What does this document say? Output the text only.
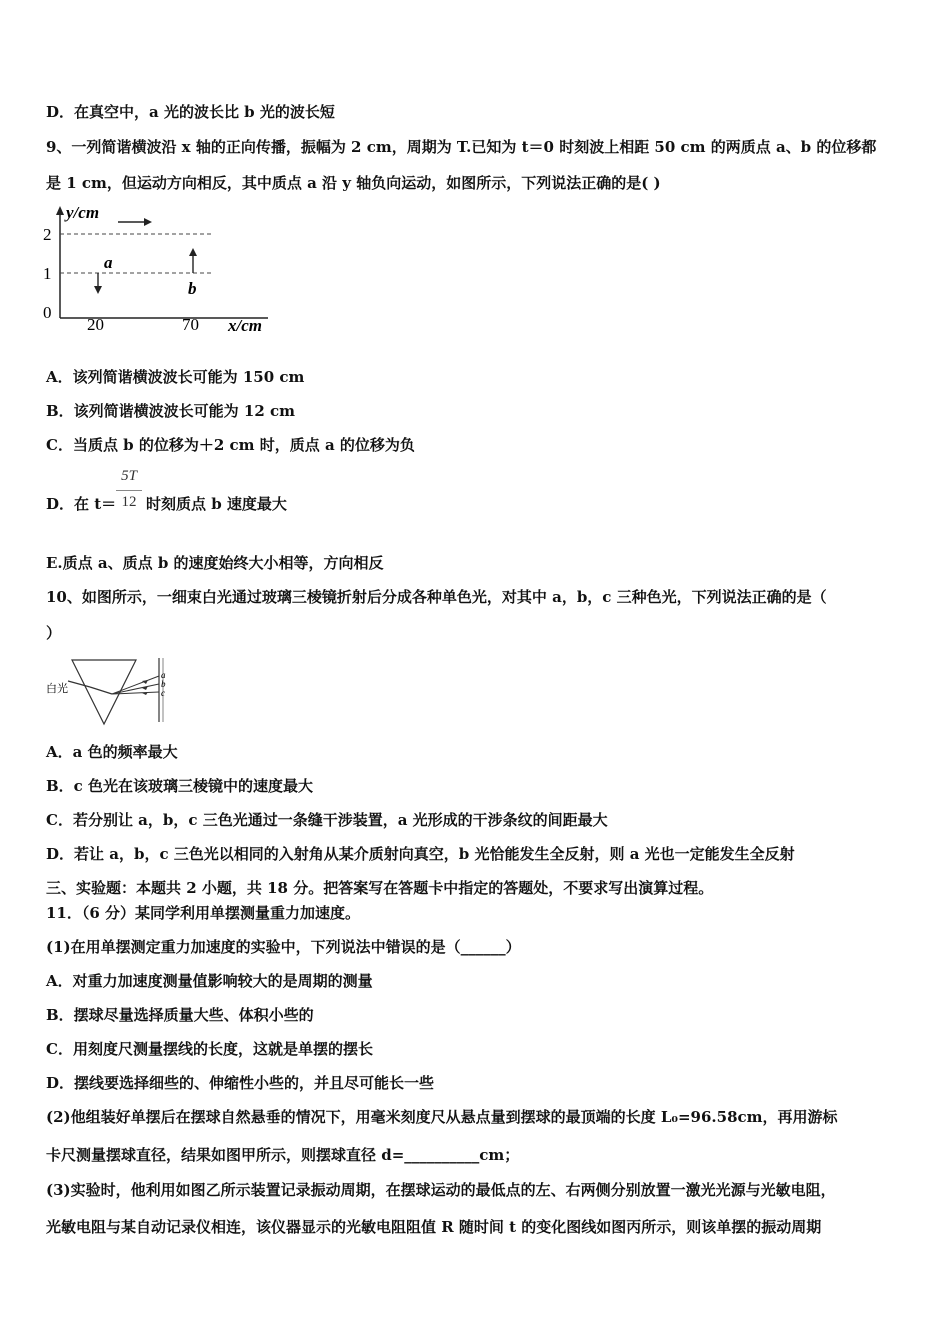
D．在真空中，a 光的波长比 b 光的波长短
9、一列简谐横波沿 x 轴的正向传播，振幅为 2 cm，周期为 T.已知为 t＝0 时刻波上相距 50 cm 的两质点 a、b 的位移都
是 1 cm，但运动方向相反，其中质点 a 沿 y 轴负向运动，如图所示，下列说法正确的是( )
y/cm
2
1
0
a
b
20	70 x/cm
A．该列简谐横波波长可能为 150 cm
B．该列简谐横波波长可能为 12 cm
C．当质点 b 的位移为＋2 cm 时，质点 a 的位移为负
D．在 t＝
5T
12 时刻质点 b 速度最大
E.质点 a、质点 b 的速度始终大小相等，方向相反
10、如图所示，一细束白光通过玻璃三棱镜折射后分成各种单色光，对其中 a，b，c 三种色光，下列说法正确的是（
）
白光
a
b
c
A．a 色的频率最大
B．c 色光在该玻璃三棱镜中的速度最大
C．若分别让 a，b，c 三色光通过一条缝干涉装置，a 光形成的干涉条纹的间距最大
D．若让 a，b，c 三色光以相同的入射角从某介质射向真空，b 光恰能发生全反射，则 a 光也一定能发生全反射
三、实验题：本题共 2 小题，共 18 分。把答案写在答题卡中指定的答题处，不要求写出演算过程。
11．（6 分）某同学利用单摆测量重力加速度。
(1)在用单摆测定重力加速度的实验中，下列说法中错误的是（______）
A．对重力加速度测量值影响较大的是周期的测量
B．摆球尽量选择质量大些、体积小些的
C．用刻度尺测量摆线的长度，这就是单摆的摆长
D．摆线要选择细些的、伸缩性小些的，并且尽可能长一些
(2)他组装好单摆后在摆球自然悬垂的情况下，用毫米刻度尺从悬点量到摆球的最顶端的长度 L₀=96.58cm，再用游标
卡尺测量摆球直径，结果如图甲所示，则摆球直径 d=__________cm；
(3)实验时，他利用如图乙所示装置记录振动周期，在摆球运动的最低点的左、右两侧分别放置一激光光源与光敏电阻，
光敏电阻与某自动记录仪相连，该仪器显示的光敏电阻阻值 R 随时间 t 的变化图线如图丙所示，则该单摆的振动周期
